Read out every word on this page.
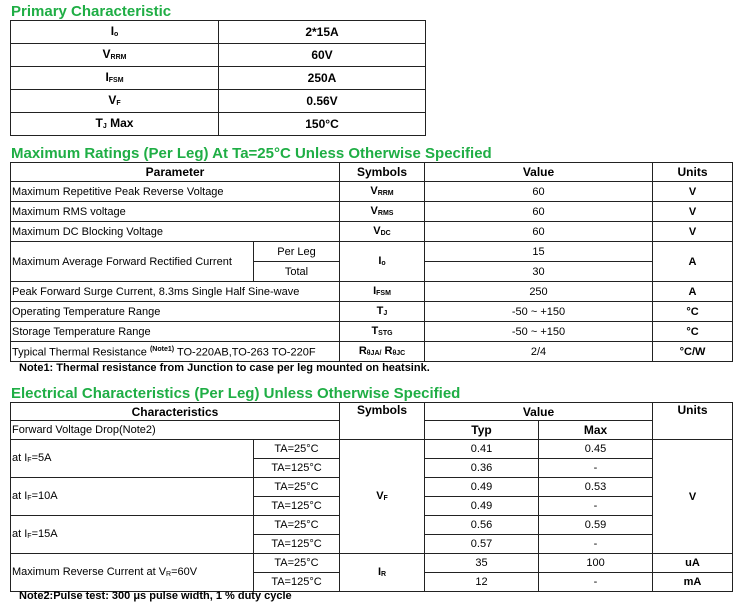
Primary Characteristic
Io	2*15A
VRRM	60V
IFSM	250A
VF	0.56V
TJ Max	150°C
Maximum Ratings (Per Leg) At Ta=25°C Unless Otherwise Specified
Parameter		Symbols	Value	Units
Maximum Repetitive Peak Reverse Voltage		VRRM	60	V
Maximum RMS voltage		VRMS	60	V
Maximum DC Blocking Voltage		VDC	60	V
Maximum Average Forward Rectified Current	Per Leg	Io	15	A
	Total		30	
Peak Forward Surge Current, 8.3ms Single Half Sine-wave		IFSM	250	A
Operating Temperature Range		TJ	-50 ~ +150	°C
Storage Temperature Range		TSTG	-50 ~ +150	°C
Typical Thermal Resistance $^{(Note1)}$ TO-220AB,TO-263 TO-220F		RθJA/ RθJC	2/4	°C/W
Note1: Thermal resistance from Junction to case per leg mounted on heatsink.
Electrical Characteristics (Per Leg) Unless Otherwise Specified
Characteristics		Symbols	Value		Units
Forward Voltage Drop(Note2)			Typ	Max	
at IF=5A	TA=25°C	VF	0.41	0.45	V
	TA=125°C		0.36	-	
at IF=10A	TA=25°C		0.49	0.53	
	TA=125°C		0.49	-	
at IF=15A	TA=25°C		0.56	0.59	
	TA=125°C		0.57	-	
Maximum Reverse Current at VR=60V	TA=25°C	IR	35	100	uA
	TA=125°C		12	-	mA
Note2:Pulse test: 300 μs pulse width, 1 % duty cycle
